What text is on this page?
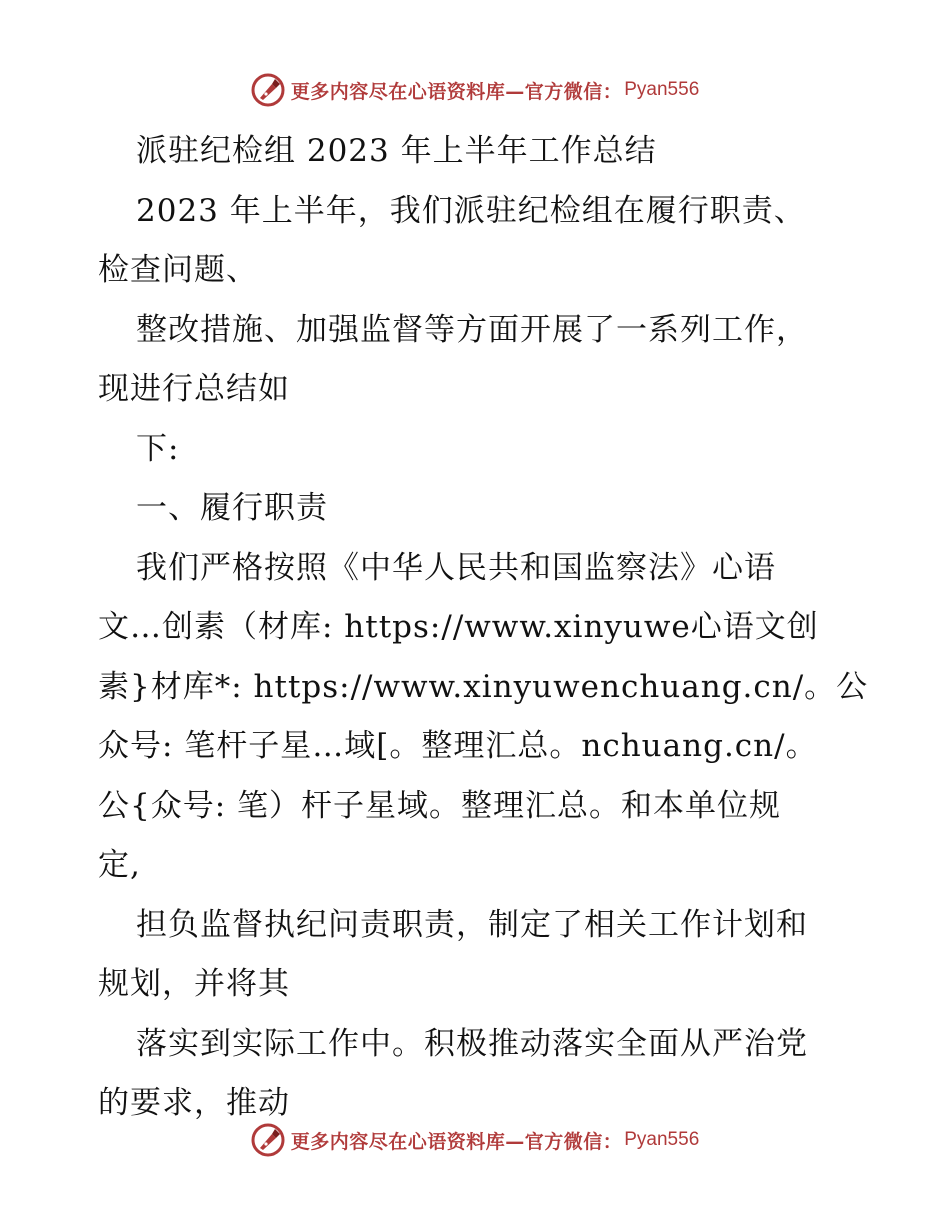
更多内容尽在心语资料库—官方微信： Pyan556
派驻纪检组 2023 年上半年工作总结
2023 年上半年，我们派驻纪检组在履行职责、
检查问题、
整改措施、加强监督等方面开展了一系列工作，
现进行总结如
下:
一、履行职责
我们严格按照《中华人民共和国监察法》心语
文…创素（材库: https://www.xinyuwe心语文创
素}材库*: https://www.xinyuwenchuang.cn/。公
众号: 笔杆子星…域[。整理汇总。nchuang.cn/。
公{众号: 笔）杆子星域。整理汇总。和本单位规
定,
担负监督执纪问责职责，制定了相关工作计划和
规划，并将其
落实到实际工作中。积极推动落实全面从严治党
的要求，推动
更多内容尽在心语资料库—官方微信： Pyan556
